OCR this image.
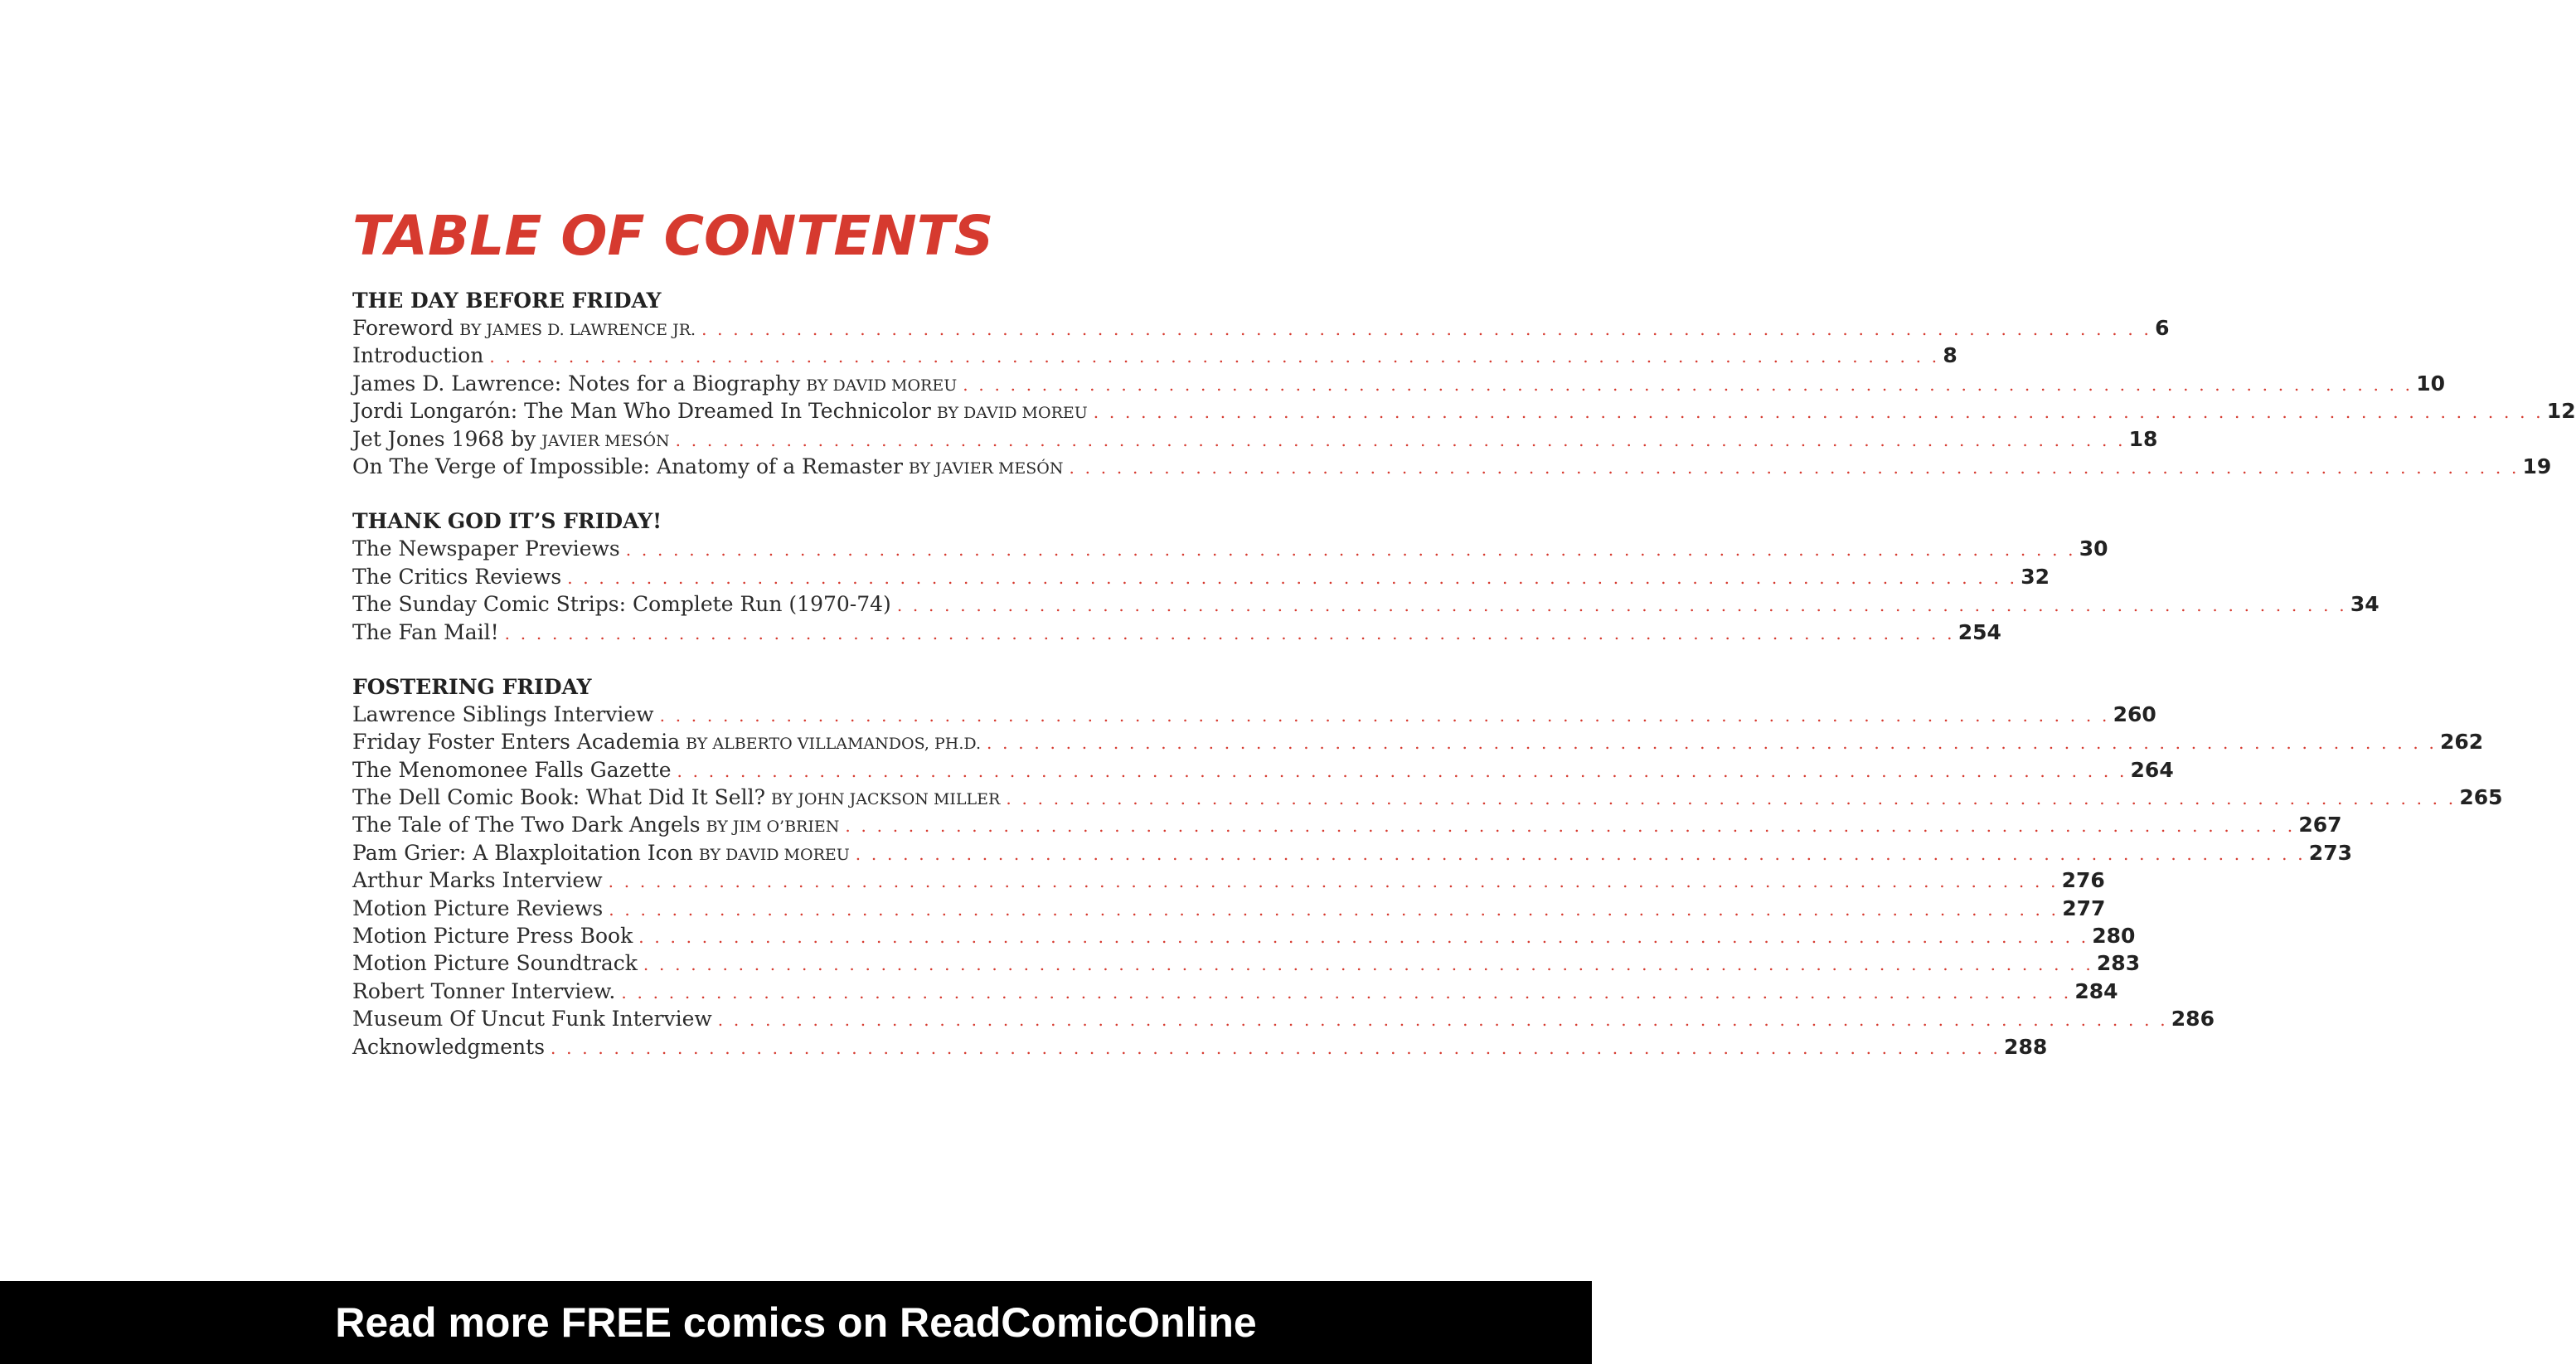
TABLE OF CONTENTS
THE DAY BEFORE FRIDAY
Foreword BY JAMES D. LAWRENCE JR. . . . . . . . . . . . . . . . . . . . . . . . . . . . . . . . . . . . . . . . . . . . . . . . . . . . . . . . . . . . . . . . . . . . . . . . . . . . . . . . . . . . . . . . . . . . . 6
Introduction . . . . . . . . . . . . . . . . . . . . . . . . . . . . . . . . . . . . . . . . . . . . . . . . . . . . . . . . . . . . . . . . . . . . . . . . . . . . . . . . . . . . . . . . . . . . 8
James D. Lawrence: Notes for a Biography BY DAVID MOREU . . . . . . . . . . . . . . . . . . . . . . . . . . . . . . . . . . . . . . . . . . . . . . . . . . . . . . . . . . . . . . . . . . . . . . . . . . . . . . . . . . . . . . . . . . . . 10
Jordi Longarón: The Man Who Dreamed In Technicolor BY DAVID MOREU . . . . . . . . . . . . . . . . . . . . . . . . . . . . . . . . . . . . . . . . . . . . . . . . . . . . . . . . . . . . . . . . . . . . . . . . . . . . . . . . . . . . . . . . . . . . 12
Jet Jones 1968 by JAVIER MESÓN . . . . . . . . . . . . . . . . . . . . . . . . . . . . . . . . . . . . . . . . . . . . . . . . . . . . . . . . . . . . . . . . . . . . . . . . . . . . . . . . . . . . . . . . . . . . 18
On The Verge of Impossible: Anatomy of a Remaster BY JAVIER MESÓN . . . . . . . . . . . . . . . . . . . . . . . . . . . . . . . . . . . . . . . . . . . . . . . . . . . . . . . . . . . . . . . . . . . . . . . . . . . . . . . . . . . . . . . . . . . . 19
THANK GOD IT’S FRIDAY!
The Newspaper Previews . . . . . . . . . . . . . . . . . . . . . . . . . . . . . . . . . . . . . . . . . . . . . . . . . . . . . . . . . . . . . . . . . . . . . . . . . . . . . . . . . . . . . . . . . . . . 30
The Critics Reviews . . . . . . . . . . . . . . . . . . . . . . . . . . . . . . . . . . . . . . . . . . . . . . . . . . . . . . . . . . . . . . . . . . . . . . . . . . . . . . . . . . . . . . . . . . . . 32
The Sunday Comic Strips: Complete Run (1970-74) . . . . . . . . . . . . . . . . . . . . . . . . . . . . . . . . . . . . . . . . . . . . . . . . . . . . . . . . . . . . . . . . . . . . . . . . . . . . . . . . . . . . . . . . . . . . 34
The Fan Mail! . . . . . . . . . . . . . . . . . . . . . . . . . . . . . . . . . . . . . . . . . . . . . . . . . . . . . . . . . . . . . . . . . . . . . . . . . . . . . . . . . . . . . . . . . . . . 254
FOSTERING FRIDAY
Lawrence Siblings Interview . . . . . . . . . . . . . . . . . . . . . . . . . . . . . . . . . . . . . . . . . . . . . . . . . . . . . . . . . . . . . . . . . . . . . . . . . . . . . . . . . . . . . . . . . . . . 260
Friday Foster Enters Academia BY ALBERTO VILLAMANDOS, PH.D. . . . . . . . . . . . . . . . . . . . . . . . . . . . . . . . . . . . . . . . . . . . . . . . . . . . . . . . . . . . . . . . . . . . . . . . . . . . . . . . . . . . . . . . . . . . . 262
The Menomonee Falls Gazette . . . . . . . . . . . . . . . . . . . . . . . . . . . . . . . . . . . . . . . . . . . . . . . . . . . . . . . . . . . . . . . . . . . . . . . . . . . . . . . . . . . . . . . . . . . . 264
The Dell Comic Book: What Did It Sell? BY JOHN JACKSON MILLER . . . . . . . . . . . . . . . . . . . . . . . . . . . . . . . . . . . . . . . . . . . . . . . . . . . . . . . . . . . . . . . . . . . . . . . . . . . . . . . . . . . . . . . . . . . . 265
The Tale of The Two Dark Angels BY JIM O’BRIEN . . . . . . . . . . . . . . . . . . . . . . . . . . . . . . . . . . . . . . . . . . . . . . . . . . . . . . . . . . . . . . . . . . . . . . . . . . . . . . . . . . . . . . . . . . . . 267
Pam Grier: A Blaxploitation Icon BY DAVID MOREU . . . . . . . . . . . . . . . . . . . . . . . . . . . . . . . . . . . . . . . . . . . . . . . . . . . . . . . . . . . . . . . . . . . . . . . . . . . . . . . . . . . . . . . . . . . . 273
Arthur Marks Interview . . . . . . . . . . . . . . . . . . . . . . . . . . . . . . . . . . . . . . . . . . . . . . . . . . . . . . . . . . . . . . . . . . . . . . . . . . . . . . . . . . . . . . . . . . . . 276
Motion Picture Reviews . . . . . . . . . . . . . . . . . . . . . . . . . . . . . . . . . . . . . . . . . . . . . . . . . . . . . . . . . . . . . . . . . . . . . . . . . . . . . . . . . . . . . . . . . . . . 277
Motion Picture Press Book . . . . . . . . . . . . . . . . . . . . . . . . . . . . . . . . . . . . . . . . . . . . . . . . . . . . . . . . . . . . . . . . . . . . . . . . . . . . . . . . . . . . . . . . . . . . 280
Motion Picture Soundtrack . . . . . . . . . . . . . . . . . . . . . . . . . . . . . . . . . . . . . . . . . . . . . . . . . . . . . . . . . . . . . . . . . . . . . . . . . . . . . . . . . . . . . . . . . . . . 283
Robert Tonner Interview. . . . . . . . . . . . . . . . . . . . . . . . . . . . . . . . . . . . . . . . . . . . . . . . . . . . . . . . . . . . . . . . . . . . . . . . . . . . . . . . . . . . . . . . . . . . . 284
Museum Of Uncut Funk Interview . . . . . . . . . . . . . . . . . . . . . . . . . . . . . . . . . . . . . . . . . . . . . . . . . . . . . . . . . . . . . . . . . . . . . . . . . . . . . . . . . . . . . . . . . . . . 286
Acknowledgments . . . . . . . . . . . . . . . . . . . . . . . . . . . . . . . . . . . . . . . . . . . . . . . . . . . . . . . . . . . . . . . . . . . . . . . . . . . . . . . . . . . . . . . . . . . . 288
Read more FREE comics on ReadComicOnline
